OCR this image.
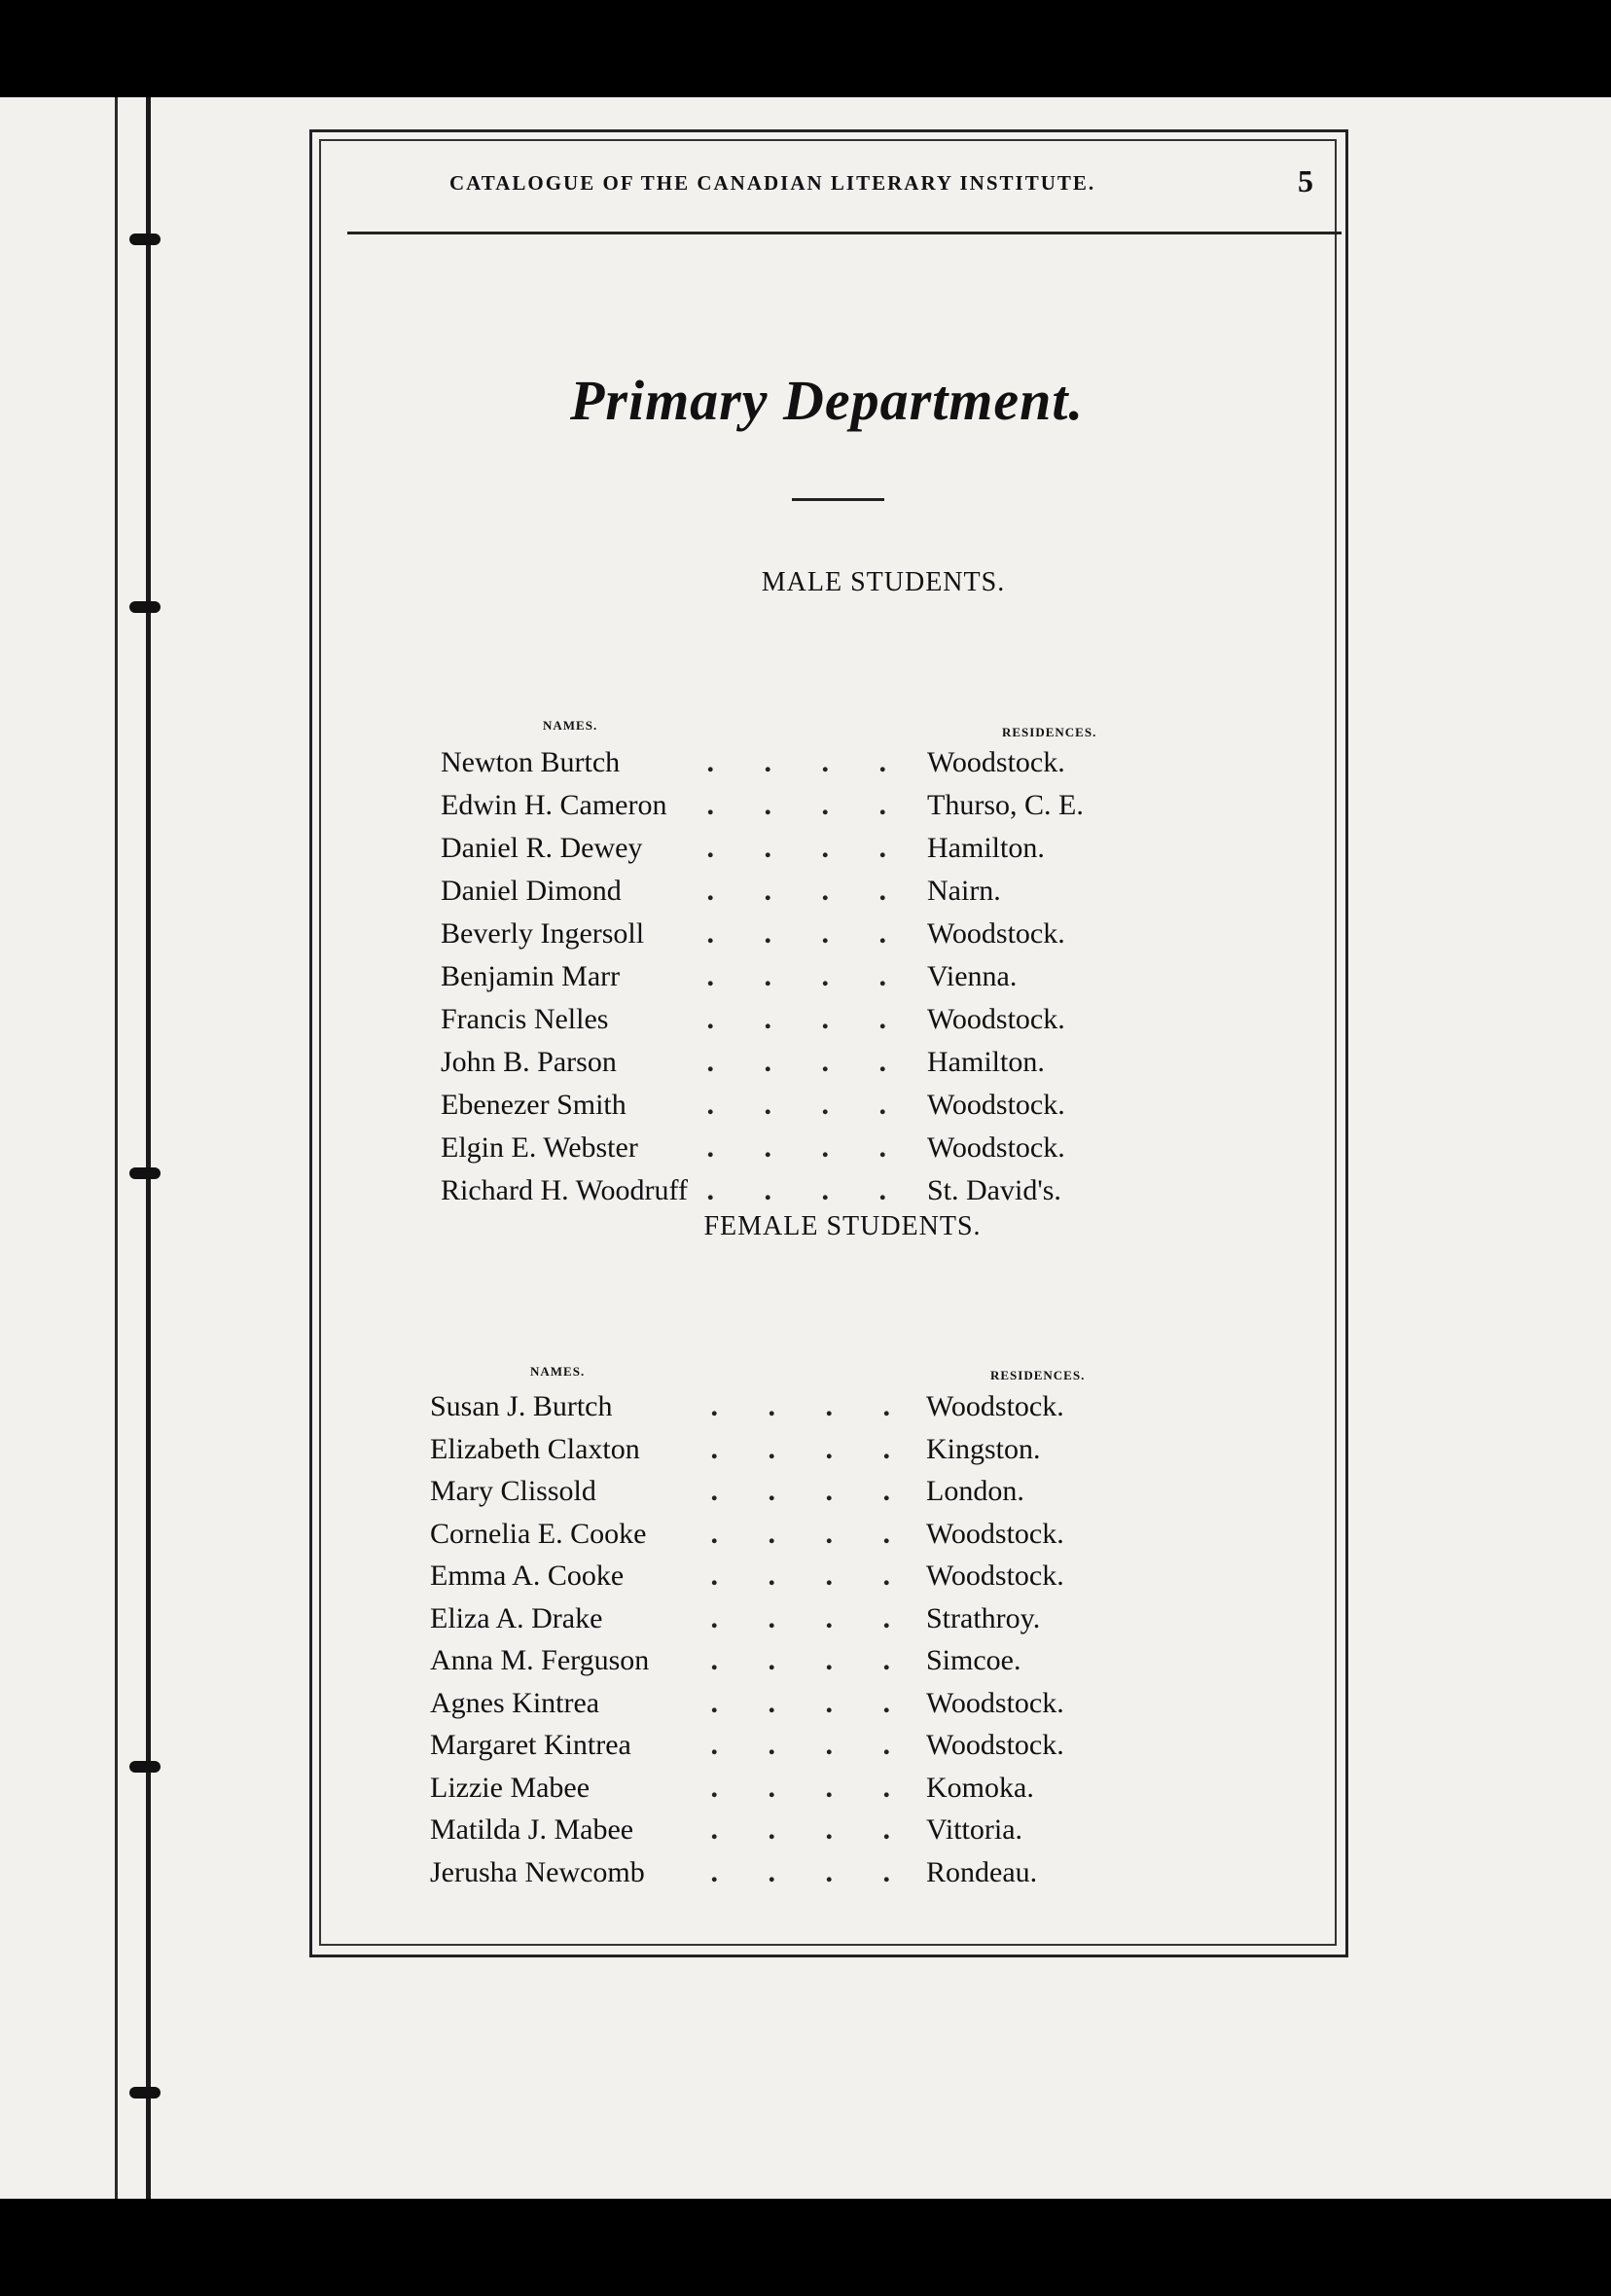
CATALOGUE OF THE CANADIAN LITERARY INSTITUTE.	5
Primary Department.
MALE STUDENTS.
NAMES.	RESIDENCES.
Newton Burtch	. . . . Woodstock.
Edwin H. Cameron	. . . . Thurso, C. E.
Daniel R. Dewey	. . . . Hamilton.
Daniel Dimond	. . . . Nairn.
Beverly Ingersoll	. . . . Woodstock.
Benjamin Marr	. . . . Vienna.
Francis Nelles	. . . . Woodstock.
John B. Parson	. . . . Hamilton.
Ebenezer Smith	. . . . Woodstock.
Elgin E. Webster	. . . . Woodstock.
Richard H. Woodruff . . . . St. David's.
FEMALE STUDENTS.
NAMES.	RESIDENCES.
Susan J. Burtch	. . . . Woodstock.
Elizabeth Claxton	. . . . Kingston.
Mary Clissold	. . . . London.
Cornelia E. Cooke	. . . . Woodstock.
Emma A. Cooke	. . . . Woodstock.
Eliza A. Drake	. . . . Strathroy.
Anna M. Ferguson	. . . . Simcoe.
Agnes Kintrea	. . . . Woodstock.
Margaret Kintrea	. . . . Woodstock.
Lizzie Mabee	. . . . Komoka.
Matilda J. Mabee	. . . . Vittoria.
Jerusha Newcomb	. . . . Rondeau.
